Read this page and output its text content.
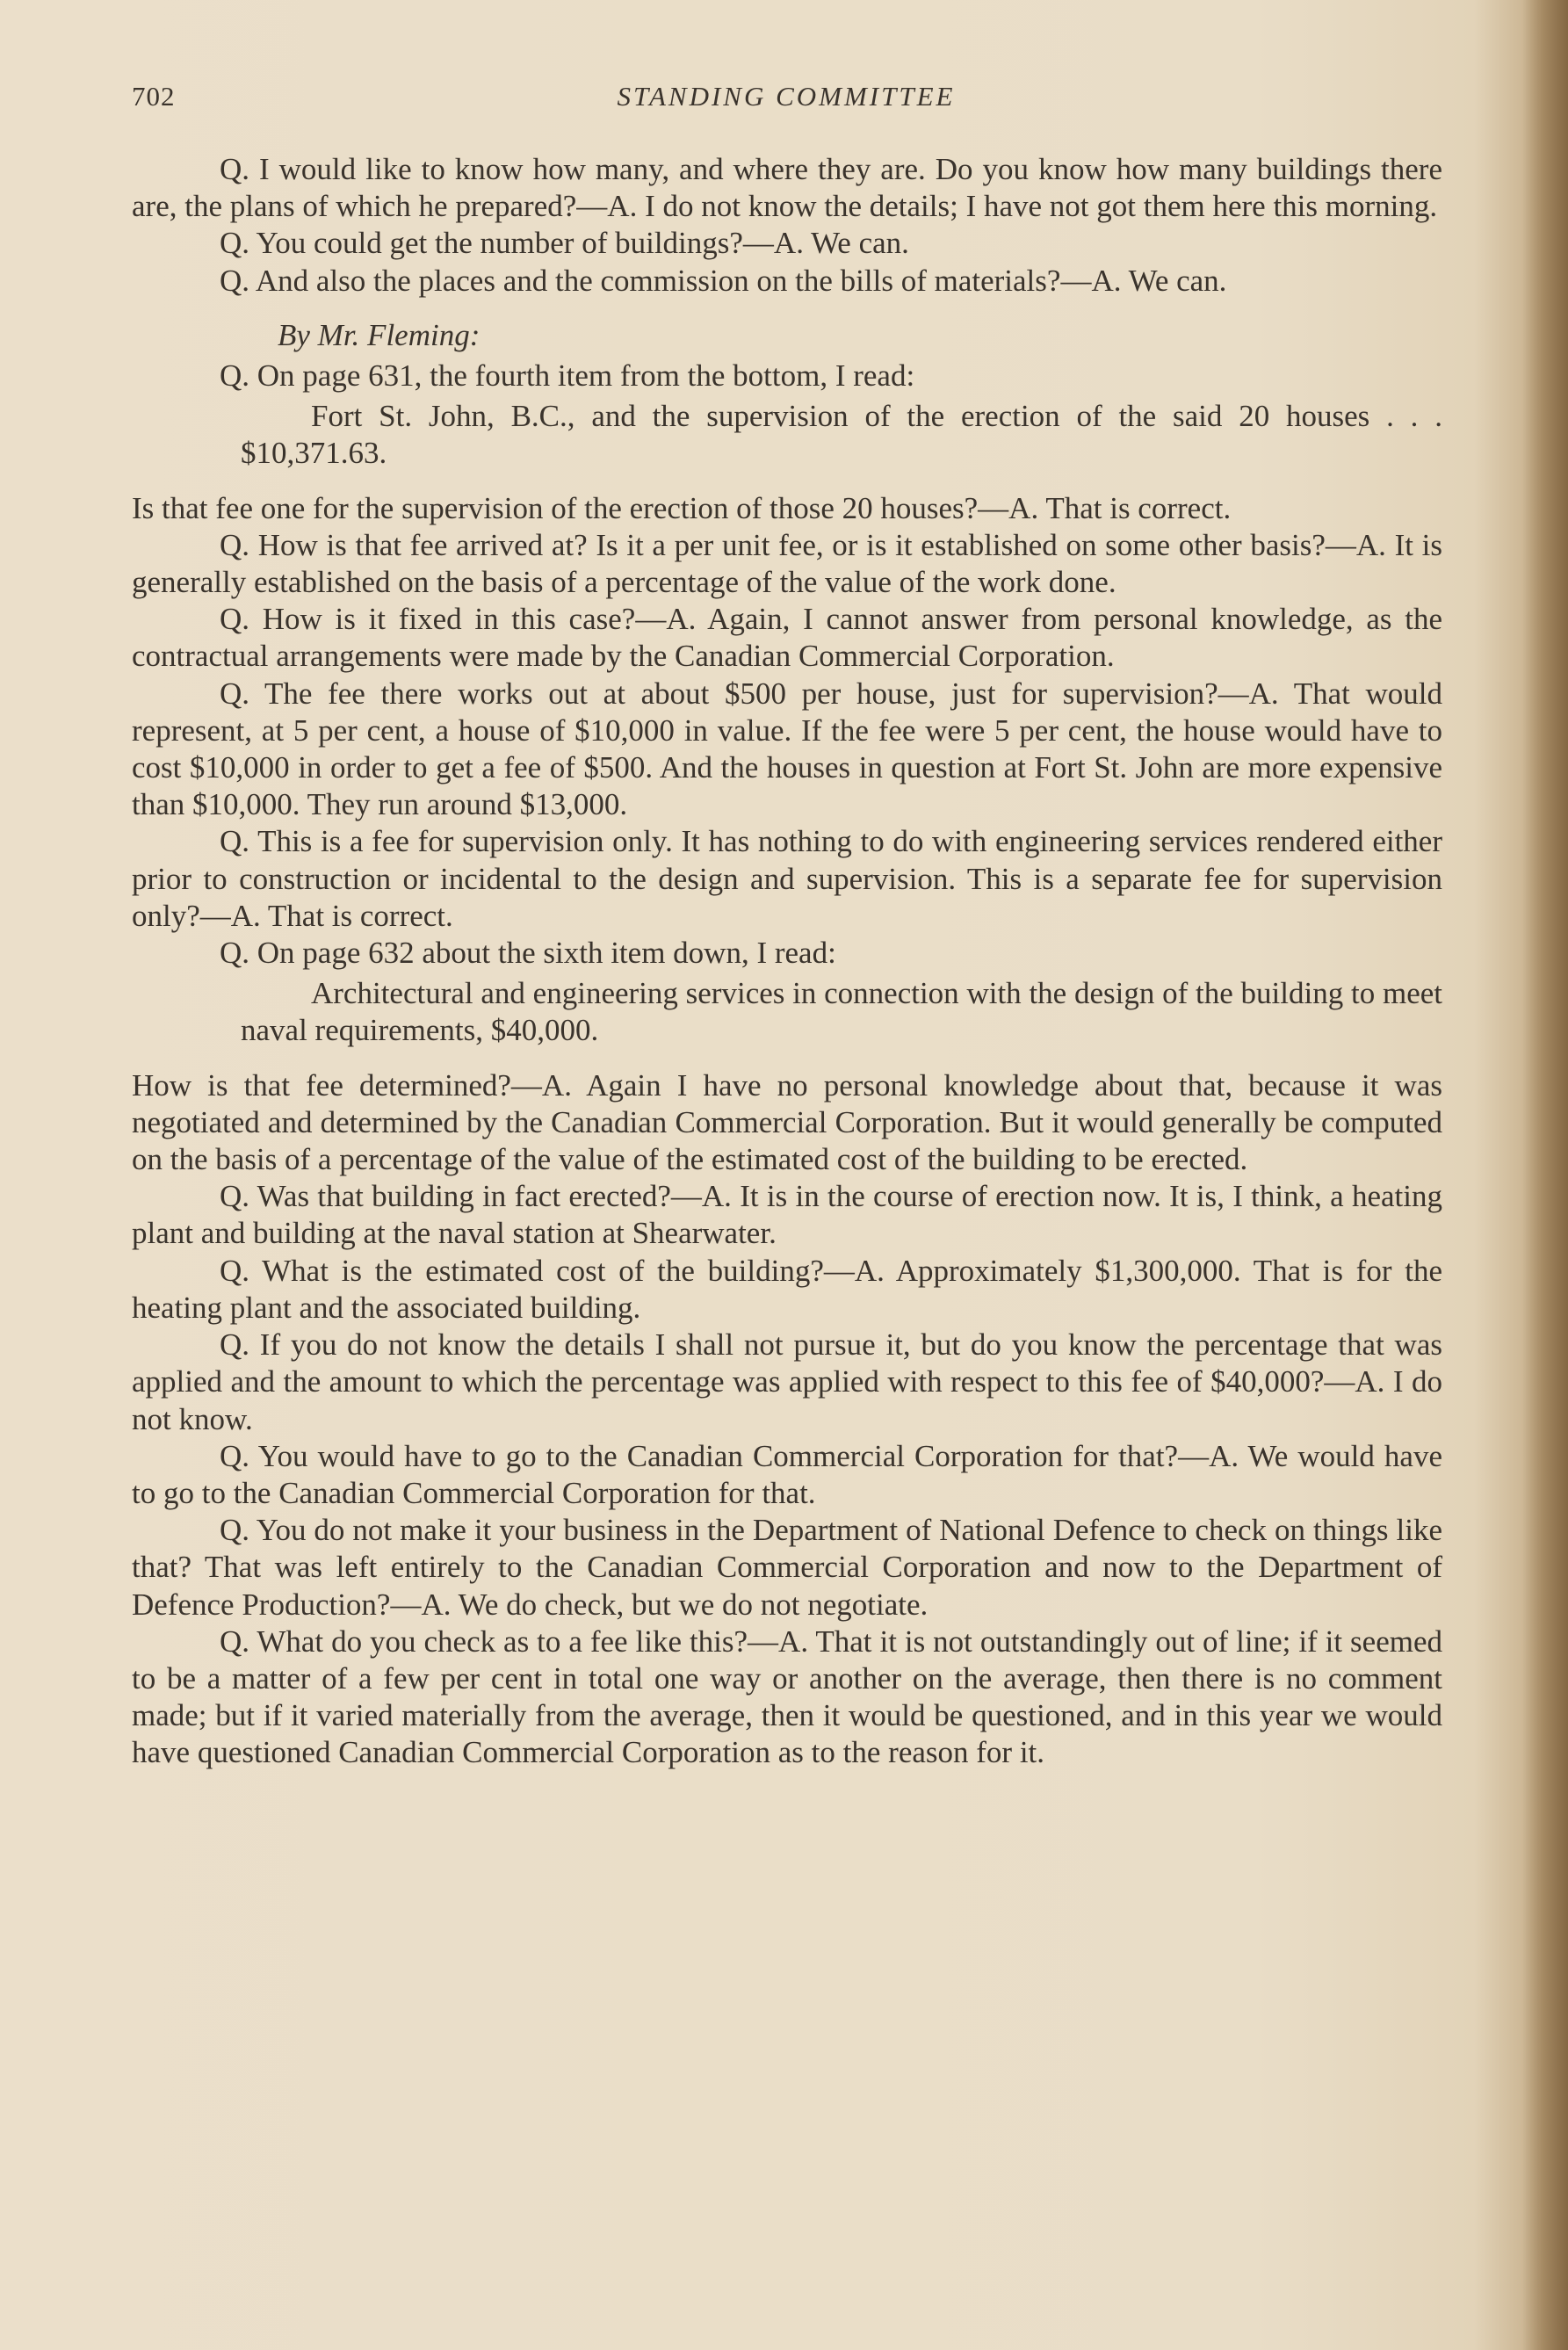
702	STANDING COMMITTEE

Q. I would like to know how many, and where they are. Do you know how many buildings there are, the plans of which he prepared?—A. I do not know the details; I have not got them here this morning.

Q. You could get the number of buildings?—A. We can.

Q. And also the places and the commission on the bills of materials?—A. We can.

By Mr. Fleming:

Q. On page 631, the fourth item from the bottom, I read:

Fort St. John, B.C., and the supervision of the erection of the said 20 houses . . . $10,371.63.

Is that fee one for the supervision of the erection of those 20 houses?—A. That is correct.

Q. How is that fee arrived at? Is it a per unit fee, or is it established on some other basis?—A. It is generally established on the basis of a percentage of the value of the work done.

Q. How is it fixed in this case?—A. Again, I cannot answer from personal knowledge, as the contractual arrangements were made by the Canadian Commercial Corporation.

Q. The fee there works out at about $500 per house, just for supervision?—A. That would represent, at 5 per cent, a house of $10,000 in value. If the fee were 5 per cent, the house would have to cost $10,000 in order to get a fee of $500. And the houses in question at Fort St. John are more expensive than $10,000. They run around $13,000.

Q. This is a fee for supervision only. It has nothing to do with engineering services rendered either prior to construction or incidental to the design and supervision. This is a separate fee for supervision only?—A. That is correct.

Q. On page 632 about the sixth item down, I read:

Architectural and engineering services in connection with the design of the building to meet naval requirements, $40,000.

How is that fee determined?—A. Again I have no personal knowledge about that, because it was negotiated and determined by the Canadian Commercial Corporation. But it would generally be computed on the basis of a percentage of the value of the estimated cost of the building to be erected.

Q. Was that building in fact erected?—A. It is in the course of erection now. It is, I think, a heating plant and building at the naval station at Shearwater.

Q. What is the estimated cost of the building?—A. Approximately $1,300,000. That is for the heating plant and the associated building.

Q. If you do not know the details I shall not pursue it, but do you know the percentage that was applied and the amount to which the percentage was applied with respect to this fee of $40,000?—A. I do not know.

Q. You would have to go to the Canadian Commercial Corporation for that?—A. We would have to go to the Canadian Commercial Corporation for that.

Q. You do not make it your business in the Department of National Defence to check on things like that? That was left entirely to the Canadian Commercial Corporation and now to the Department of Defence Production?—A. We do check, but we do not negotiate.

Q. What do you check as to a fee like this?—A. That it is not outstandingly out of line; if it seemed to be a matter of a few per cent in total one way or another on the average, then there is no comment made; but if it varied materially from the average, then it would be questioned, and in this year we would have questioned Canadian Commercial Corporation as to the reason for it.
